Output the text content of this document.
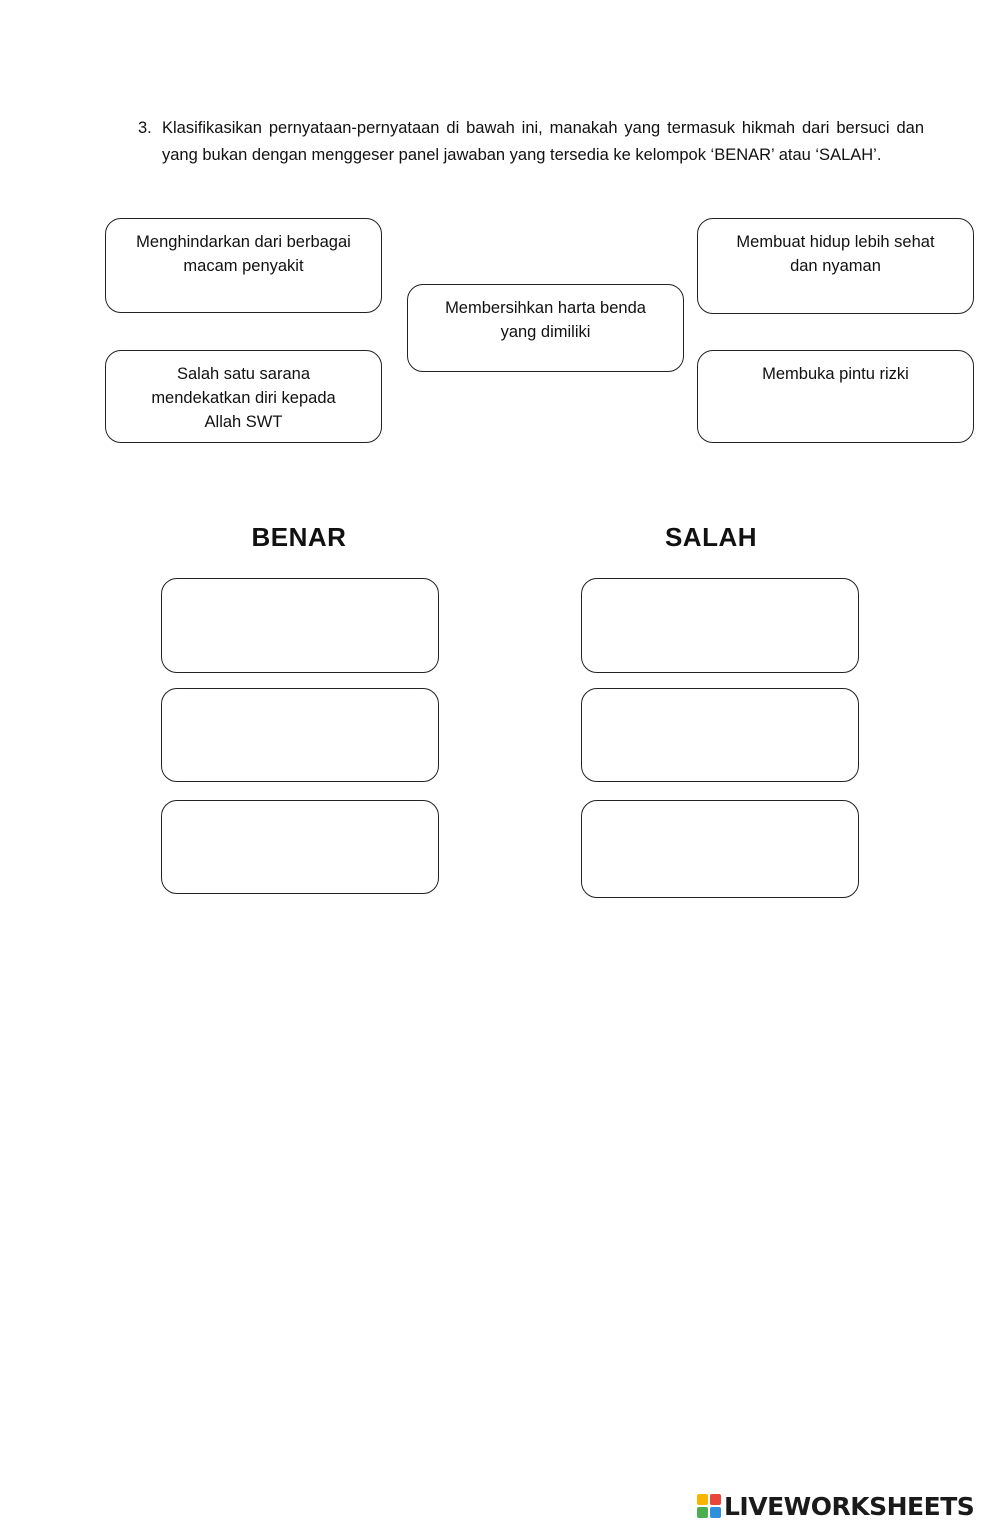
3. Klasifikasikan pernyataan-pernyataan di bawah ini, manakah yang termasuk hikmah dari bersuci dan yang bukan dengan menggeser panel jawaban yang tersedia ke kelompok ‘BENAR’ atau ‘SALAH’.
Menghindarkan dari berbagai macam penyakit
Membuat hidup lebih sehat dan nyaman
Membersihkan harta benda yang dimiliki
Salah satu sarana mendekatkan diri kepada Allah SWT
Membuka pintu rizki
BENAR	SALAH
LIVEWORKSHEETS
